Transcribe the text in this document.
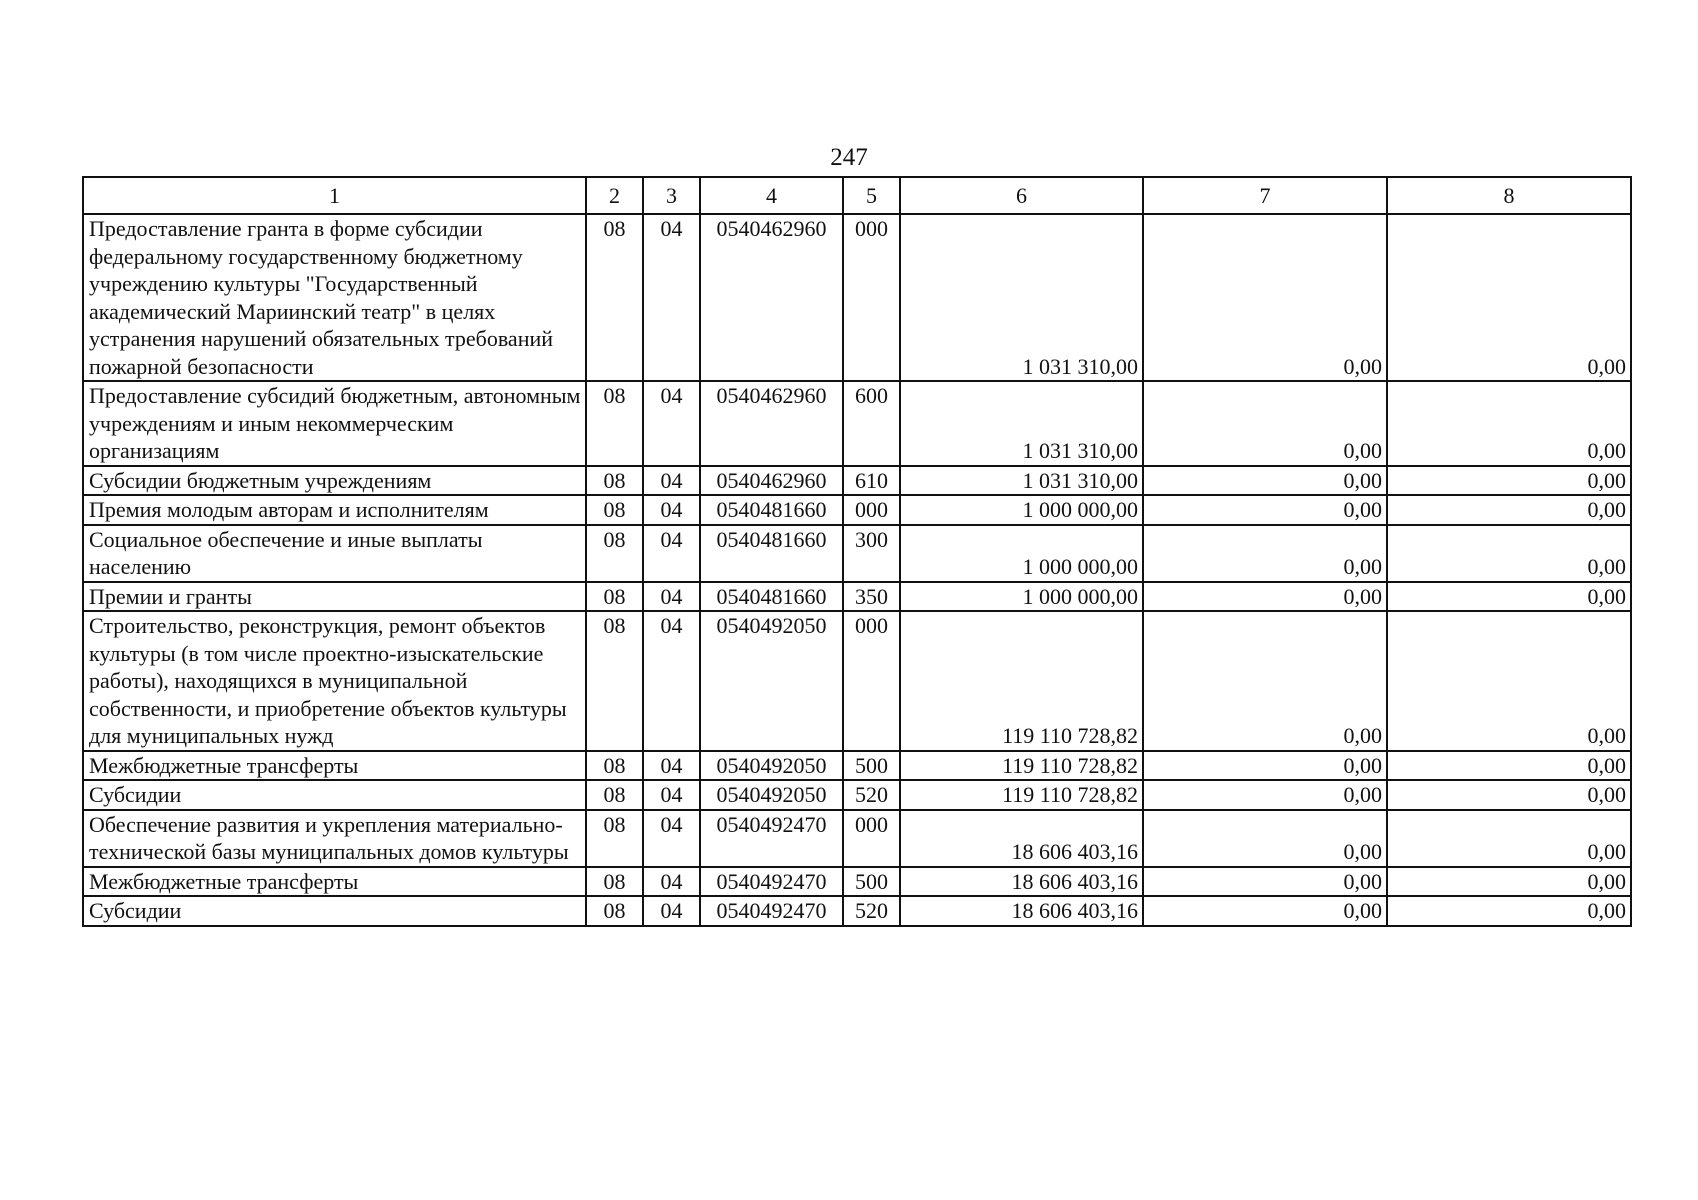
247
1	2	3	4	5	6	7	8
Предоставление гранта в форме субсидии федеральному государственному бюджетному учреждению культуры "Государственный академический Мариинский театр" в целях устранения нарушений обязательных требований пожарной безопасности	08	04	0540462960	000	1 031 310,00	0,00	0,00
Предоставление субсидий бюджетным, автономным учреждениям и иным некоммерческим организациям	08	04	0540462960	600	1 031 310,00	0,00	0,00
Субсидии бюджетным учреждениям	08	04	0540462960	610	1 031 310,00	0,00	0,00
Премия молодым авторам и исполнителям	08	04	0540481660	000	1 000 000,00	0,00	0,00
Социальное обеспечение и иные выплаты населению	08	04	0540481660	300	1 000 000,00	0,00	0,00
Премии и гранты	08	04	0540481660	350	1 000 000,00	0,00	0,00
Строительство, реконструкция, ремонт объектов культуры (в том числе проектно-изыскательские работы), находящихся в муниципальной собственности, и приобретение объектов культуры для муниципальных нужд	08	04	0540492050	000	119 110 728,82	0,00	0,00
Межбюджетные трансферты	08	04	0540492050	500	119 110 728,82	0,00	0,00
Субсидии	08	04	0540492050	520	119 110 728,82	0,00	0,00
Обеспечение развития и укрепления материально-технической базы муниципальных домов культуры	08	04	0540492470	000	18 606 403,16	0,00	0,00
Межбюджетные трансферты	08	04	0540492470	500	18 606 403,16	0,00	0,00
Субсидии	08	04	0540492470	520	18 606 403,16	0,00	0,00
